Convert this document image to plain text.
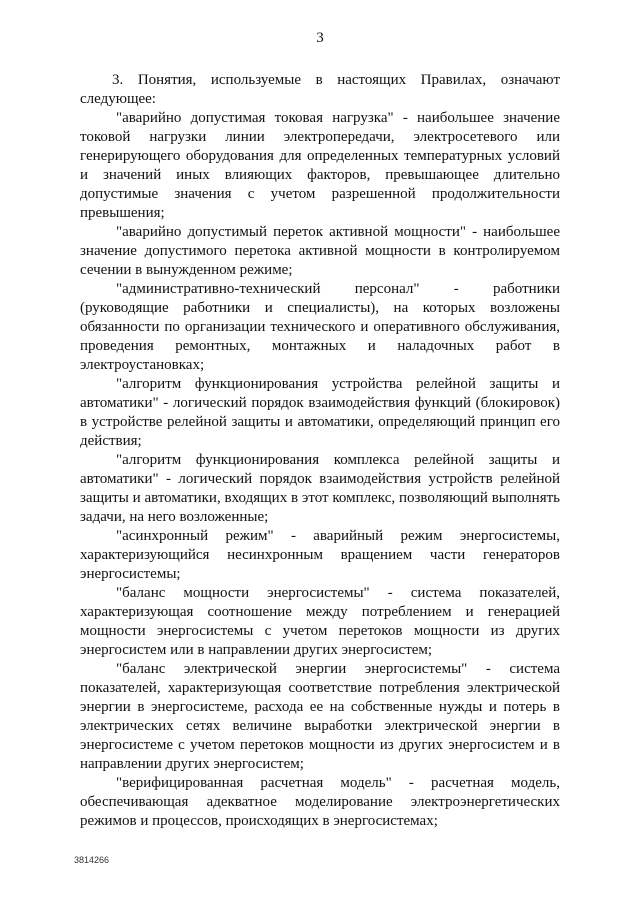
3

3. Понятия, используемые в настоящих Правилах, означают следующее:

"аварийно допустимая токовая нагрузка" - наибольшее значение токовой нагрузки линии электропередачи, электросетевого или генерирующего оборудования для определенных температурных условий и значений иных влияющих факторов, превышающее длительно допустимые значения с учетом разрешенной продолжительности превышения;

"аварийно допустимый переток активной мощности" - наибольшее значение допустимого перетока активной мощности в контролируемом сечении в вынужденном режиме;

"административно-технический персонал" - работники (руководящие работники и специалисты), на которых возложены обязанности по организации технического и оперативного обслуживания, проведения ремонтных, монтажных и наладочных работ в электроустановках;

"алгоритм функционирования устройства релейной защиты и автоматики" - логический порядок взаимодействия функций (блокировок) в устройстве релейной защиты и автоматики, определяющий принцип его действия;

"алгоритм функционирования комплекса релейной защиты и автоматики" - логический порядок взаимодействия устройств релейной защиты и автоматики, входящих в этот комплекс, позволяющий выполнять задачи, на него возложенные;

"асинхронный режим" - аварийный режим энергосистемы, характеризующийся несинхронным вращением части генераторов энергосистемы;

"баланс мощности энергосистемы" - система показателей, характеризующая соотношение между потреблением и генерацией мощности энергосистемы с учетом перетоков мощности из других энергосистем или в направлении других энергосистем;

"баланс электрической энергии энергосистемы" - система показателей, характеризующая соответствие потребления электрической энергии в энергосистеме, расхода ее на собственные нужды и потерь в электрических сетях величине выработки электрической энергии в энергосистеме с учетом перетоков мощности из других энергосистем и в направлении других энергосистем;

"верифицированная расчетная модель" - расчетная модель, обеспечивающая адекватное моделирование электроэнергетических режимов и процессов, происходящих в энергосистемах;

3814266
